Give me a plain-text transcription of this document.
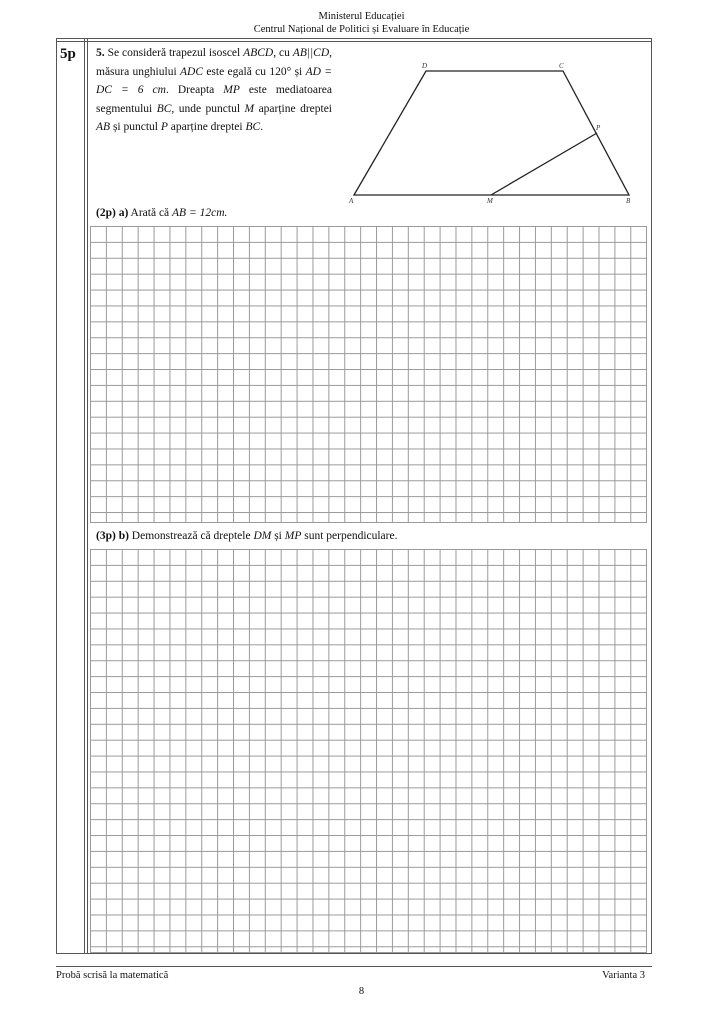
Ministerul Educației
Centrul Național de Politici și Evaluare în Educație
5p 5. Se consideră trapezul isoscel ABCD, cu AB||CD, măsura unghiului ADC este egală cu 120° și AD = DC = 6 cm. Dreapta MP este mediatoarea segmentului BC, unde punctul M aparține dreptei AB și punctul P aparține dreptei BC.
A	B
C
D
M
P
(2p) a) Arată că AB = 12cm.
(3p) b) Demonstrează că dreptele DM și MP sunt perpendiculare.
Probă scrisă la matematică	Varianta 3
8
